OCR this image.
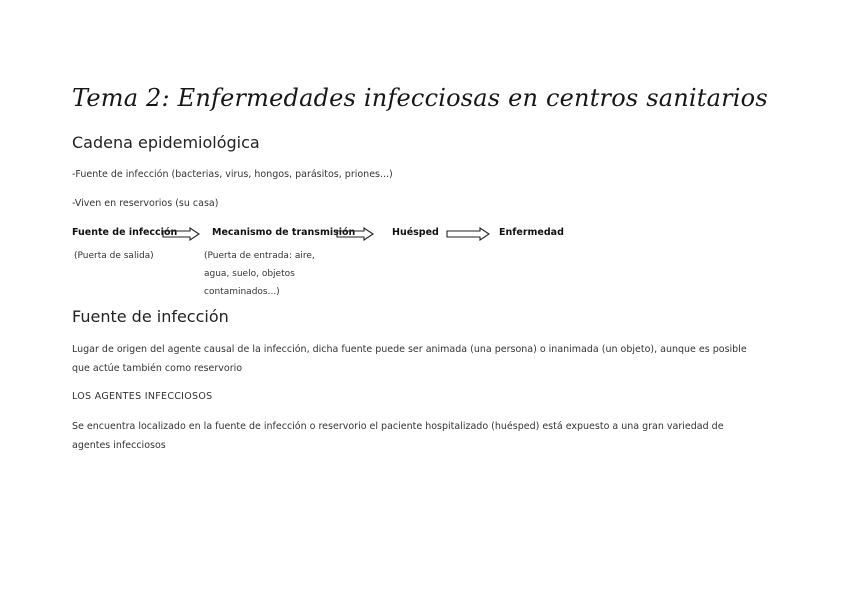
Tema 2: Enfermedades infecciosas en centros sanitarios
Cadena epidemiológica
-Fuente de infección (bacterias, virus, hongos, parásitos, priones...)
-Viven en reservorios (su casa)
Fuente de infección	Mecanismo de transmisión	Huésped	Enfermedad
(Puerta de salida)	(Puerta de entrada: aire, agua, suelo, objetos contaminados...)
Fuente de infección
Lugar de origen del agente causal de la infección, dicha fuente puede ser animada (una persona) o inanimada (un objeto), aunque es posible que actúe también como reservorio
LOS AGENTES INFECCIOSOS
Se encuentra localizado en la fuente de infección o reservorio el paciente hospitalizado (huésped) está expuesto a una gran variedad de agentes infecciosos
